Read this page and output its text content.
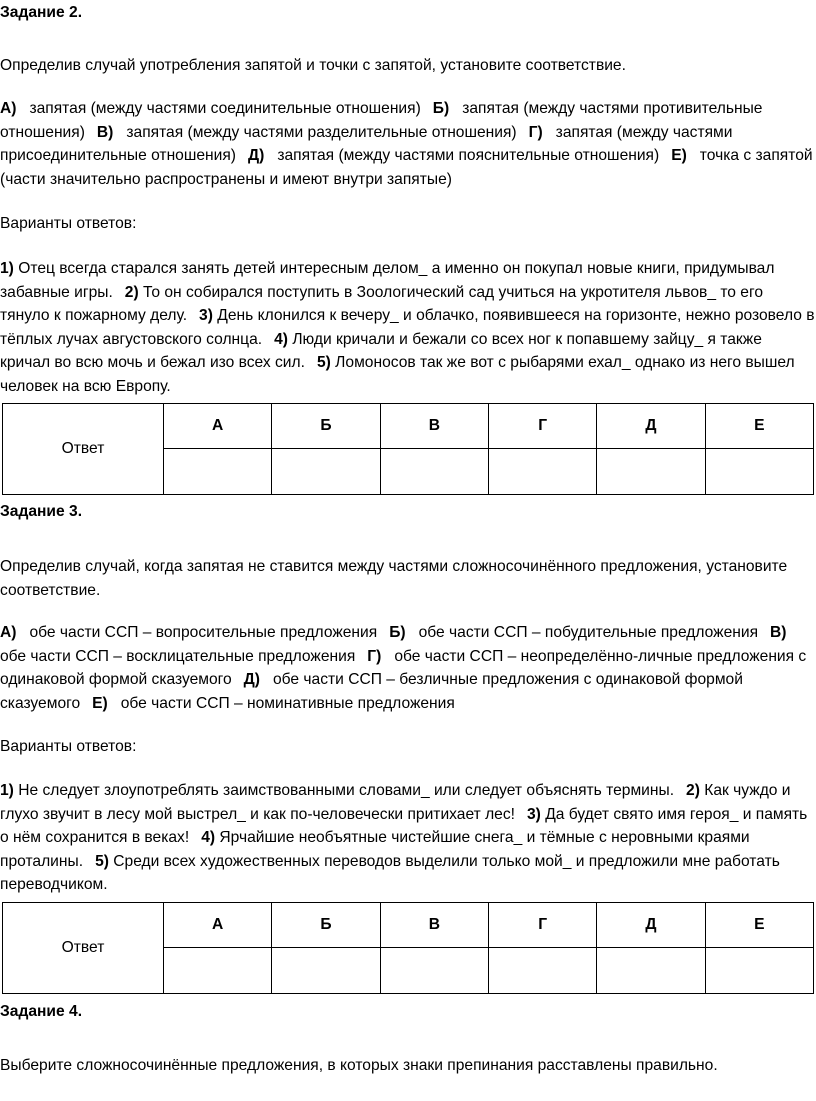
Задание 2.
Определив случай употребления запятой и точки с запятой, установите соответствие.

А) запятая (между частями соединительные отношения) Б) запятая (между частями противительные отношения) В) запятая (между частями разделительные отношения) Г) запятая (между частями присоединительные отношения) Д) запятая (между частями пояснительные отношения) Е) точка с запятой (части значительно распространены и имеют внутри запятые)

Варианты ответов:

1) Отец всегда старался занять детей интересным делом_ а именно он покупал новые книги, придумывал забавные игры. 2) То он собирался поступить в Зоологический сад учиться на укротителя львов_ то его тянуло к пожарному делу. 3) День клонился к вечеру_ и облачко, появившееся на горизонте, нежно розовело в тёплых лучах августовского солнца. 4) Люди кричали и бежали со всех ног к попавшему зайцу_ я также кричал во всю мочь и бежал изо всех сил. 5) Ломоносов так же вот с рыбарями ехал_ однако из него вышел человек на всю Европу.

Ответ	А	Б	В	Г	Д	Е

Задание 3.

Определив случай, когда запятая не ставится между частями сложносочинённого предложения, установите соответствие.

А) обе части ССП – вопросительные предложения Б) обе части ССП – побудительные предложения В) обе части ССП – восклицательные предложения Г) обе части ССП – неопределённо-личные предложения с одинаковой формой сказуемого Д) обе части ССП – безличные предложения с одинаковой формой сказуемого Е) обе части ССП – номинативные предложения

Варианты ответов:

1) Не следует злоупотреблять заимствованными словами_ или следует объяснять термины. 2) Как чуждо и глухо звучит в лесу мой выстрел_ и как по-человечески притихает лес! 3) Да будет свято имя героя_ и память о нём сохранится в веках! 4) Ярчайшие необъятные чистейшие снега_ и тёмные с неровными краями проталины. 5) Среди всех художественных переводов выделили только мой_ и предложили мне работать переводчиком.

Ответ	А	Б	В	Г	Д	Е

Задание 4.
Выберите сложносочинённые предложения, в которых знаки препинания расставлены правильно.
